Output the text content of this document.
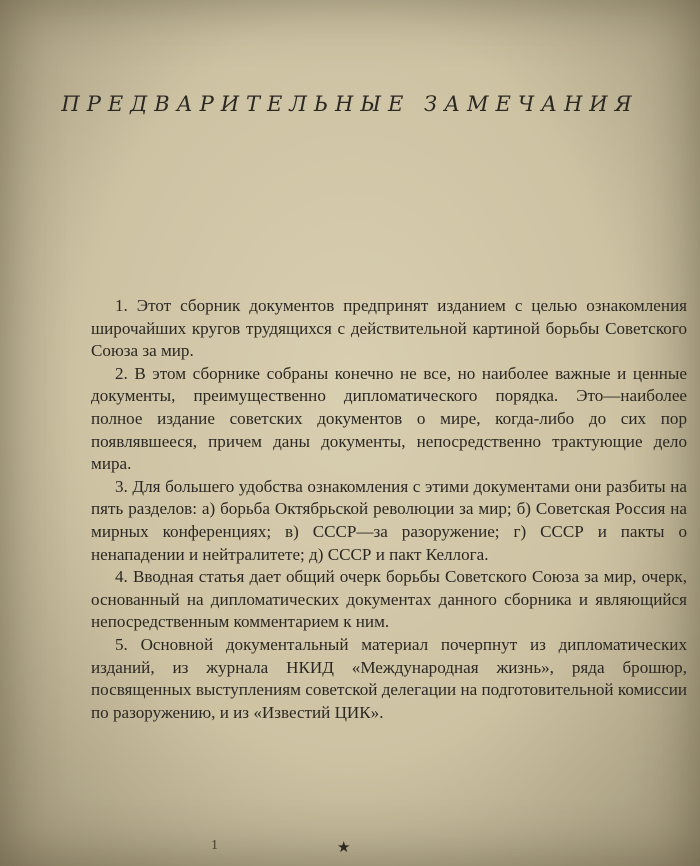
ПРЕДВАРИТЕЛЬНЫЕ ЗАМЕЧАНИЯ

1. Этот сборник документов предпринят изданием с целью ознакомления широчайших кругов трудящихся с действительной картиной борьбы Советского Союза за мир.

2. В этом сборнике собраны конечно не все, но наиболее важные и ценные документы, преимущественно дипломатического порядка. Это—наиболее полное издание советских документов о мире, когда-либо до сих пор появлявшееся, причем даны документы, непосредственно трактующие дело мира.

3. Для большего удобства ознакомления с этими документами они разбиты на пять разделов: а) борьба Октябрьской революции за мир; б) Советская Россия на мирных конференциях; в) СССР—за разоружение; г) СССР и пакты о ненападении и нейтралитете; д) СССР и пакт Келлога.

4. Вводная статья дает общий очерк борьбы Советского Союза за мир, очерк, основанный на дипломатических документах данного сборника и являющийся непосредственным комментарием к ним.

5. Основной документальный материал почерпнут из дипломатических изданий, из журнала НКИД «Международная жизнь», ряда брошюр, посвященных выступлениям советской делегации на подготовительной комиссии по разоружению, и из «Известий ЦИК».

1	★
